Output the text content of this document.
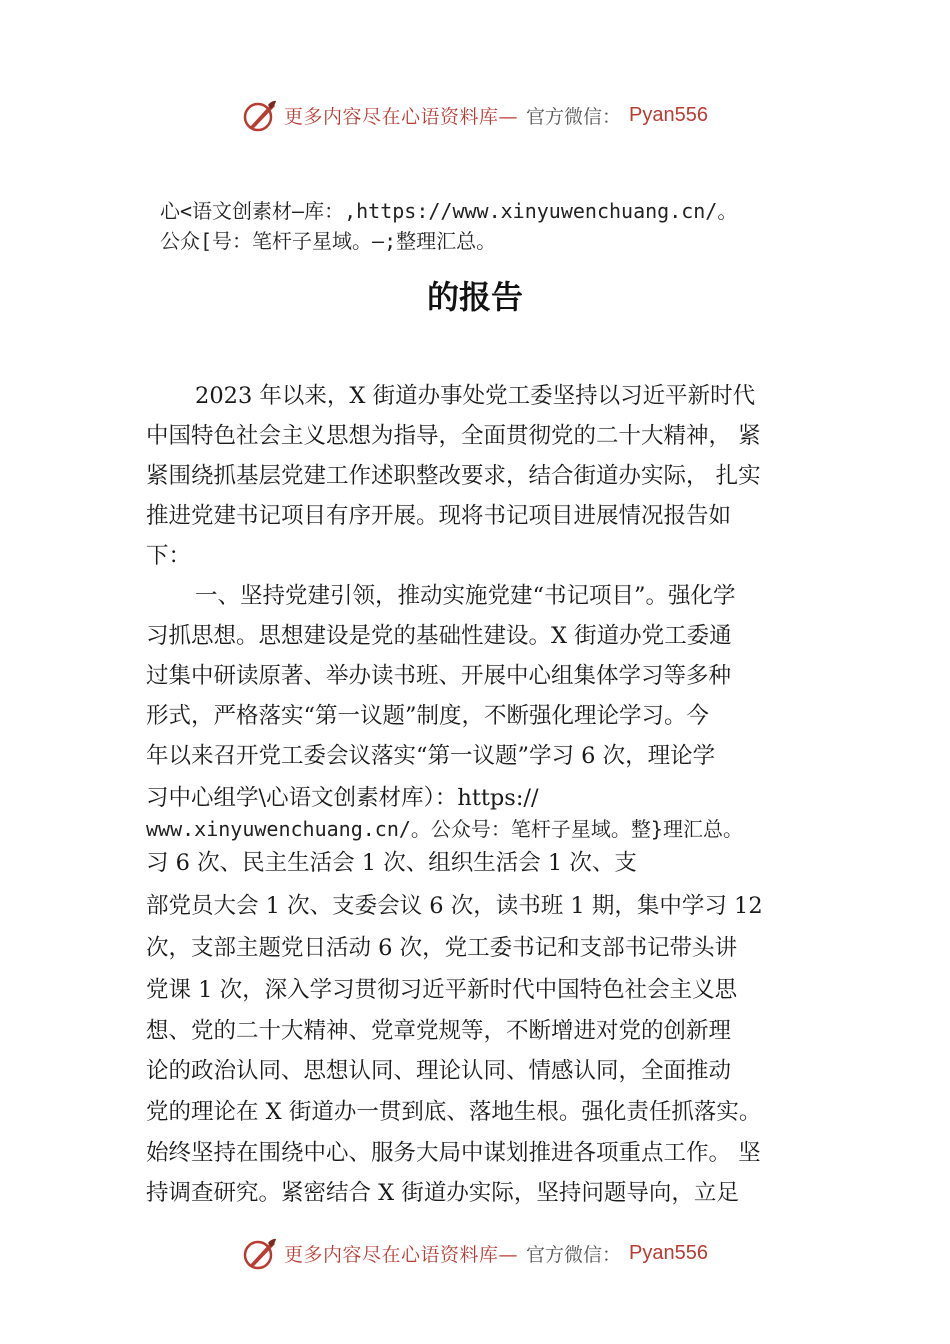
更多内容尽在心语资料库— 官方微信： Pyan556
心<语文创素材—库：,https://www.xinyuwenchuang.cn/。
公众[号：笔杆子星域。—;整理汇总。
的报告
2023 年以来，X 街道办事处党工委坚持以习近平新时代
中国特色社会主义思想为指导，全面贯彻党的二十大精神， 紧
紧围绕抓基层党建工作述职整改要求，结合街道办实际， 扎实
推进党建书记项目有序开展。现将书记项目进展情况报告如
下：
一、坚持党建引领，推动实施党建“书记项目”。强化学
习抓思想。思想建设是党的基础性建设。X 街道办党工委通
过集中研读原著、举办读书班、开展中心组集体学习等多种
形式，严格落实“第一议题”制度，不断强化理论学习。今
年以来召开党工委会议落实“第一议题”学习 6 次，理论学
习中心组学\心语文创素材库）：https://
www.xinyuwenchuang.cn/。公众号：笔杆子星域。整}理汇总。
习 6 次、民主生活会 1 次、组织生活会 1 次、支
部党员大会 1 次、支委会议 6 次，读书班 1 期，集中学习 12
次，支部主题党日活动 6 次，党工委书记和支部书记带头讲
党课 1 次，深入学习贯彻习近平新时代中国特色社会主义思
想、党的二十大精神、党章党规等，不断增进对党的创新理
论的政治认同、思想认同、理论认同、情感认同，全面推动
党的理论在 X 街道办一贯到底、落地生根。强化责任抓落实。
始终坚持在围绕中心、服务大局中谋划推进各项重点工作。 坚
持调查研究。紧密结合 X 街道办实际，坚持问题导向，立足
更多内容尽在心语资料库— 官方微信： Pyan556
